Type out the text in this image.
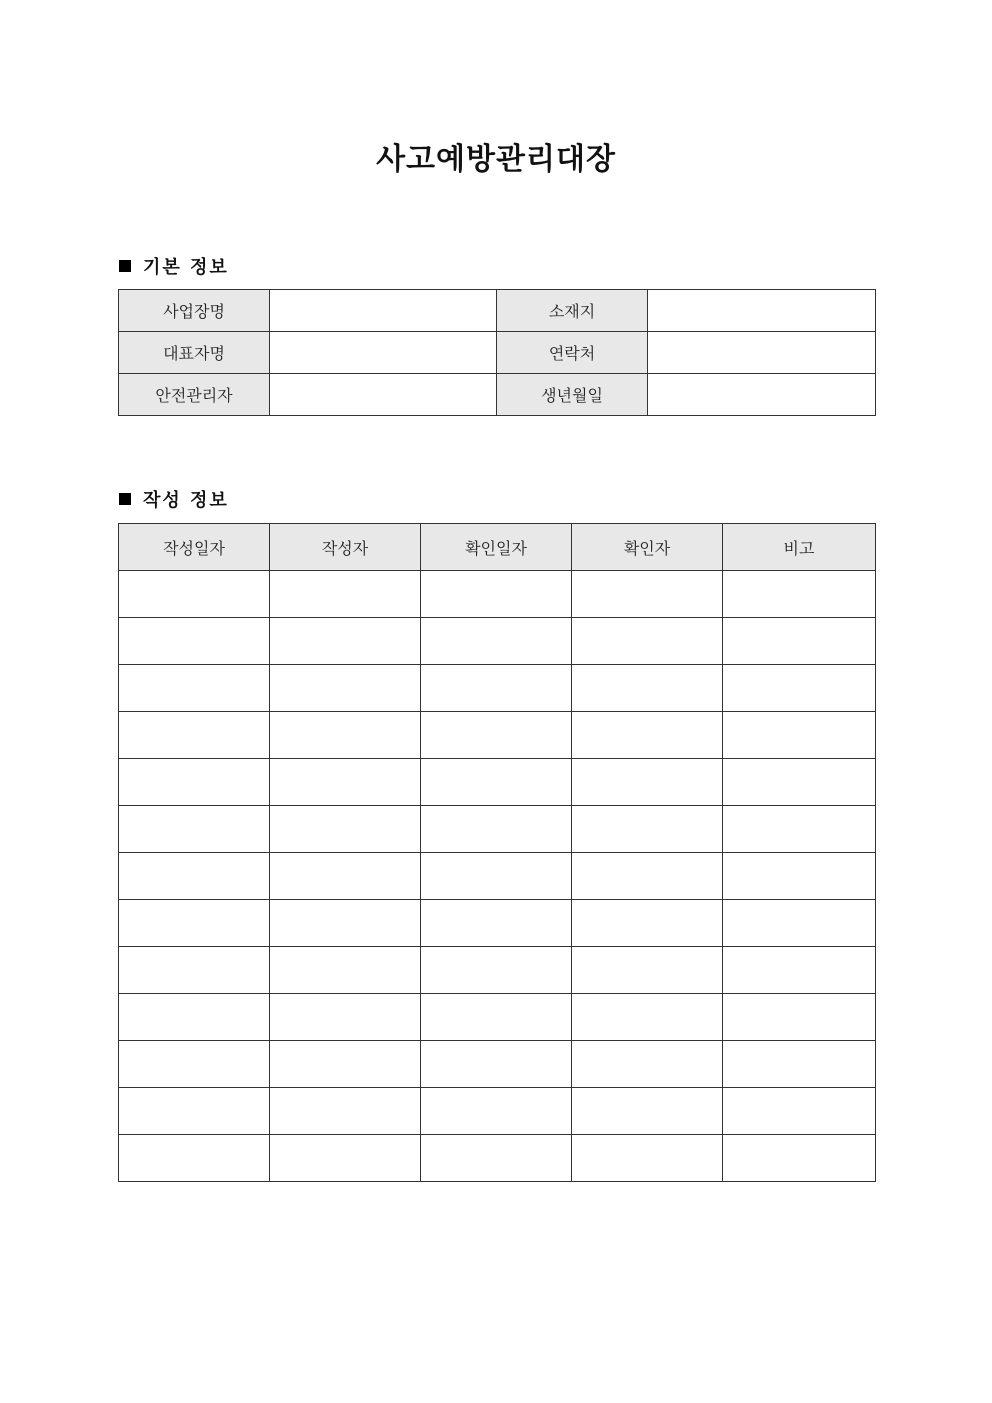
사고예방관리대장
기본 정보
사업장명		소재지	
대표자명		연락처	
안전관리자		생년월일	
작성 정보
작성일자	작성자	확인일자	확인자	비고
